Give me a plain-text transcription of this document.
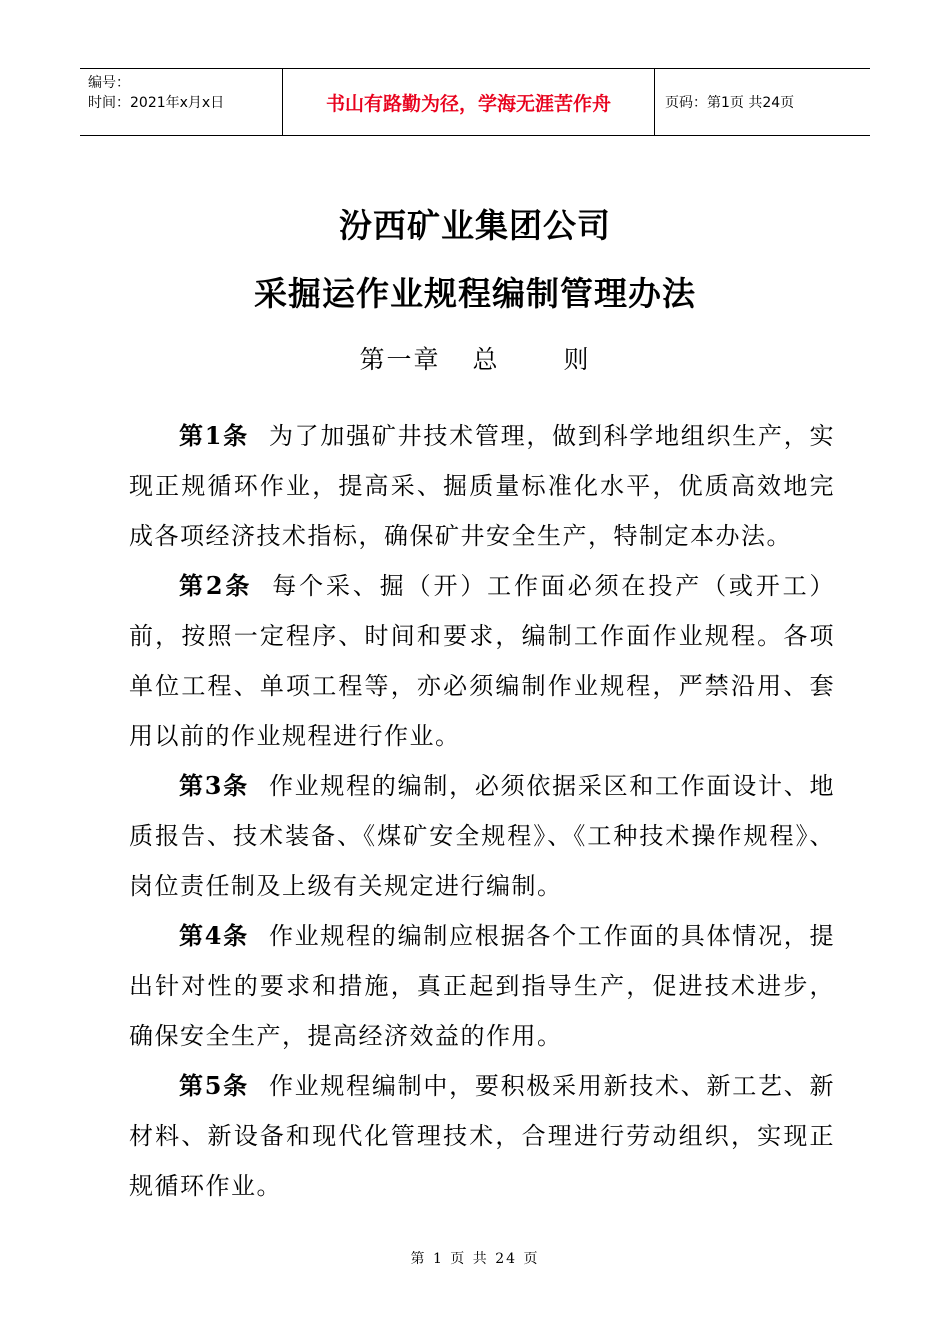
编号：
时间：2021年x月x日	书山有路勤为径，学海无涯苦作舟	页码：第1页 共24页
汾西矿业集团公司
采掘运作业规程编制管理办法
第一章 总	则

第1条 为了加强矿井技术管理，做到科学地组织生产，实现正规循环作业，提高采、掘质量标准化水平，优质高效地完成各项经济技术指标，确保矿井安全生产，特制定本办法。

第2条 每个采、掘（开）工作面必须在投产（或开工）前，按照一定程序、时间和要求，编制工作面作业规程。各项单位工程、单项工程等，亦必须编制作业规程，严禁沿用、套用以前的作业规程进行作业。

第3条 作业规程的编制，必须依据采区和工作面设计、地质报告、技术装备、《煤矿安全规程》、《工种技术操作规程》、岗位责任制及上级有关规定进行编制。

第4条 作业规程的编制应根据各个工作面的具体情况，提出针对性的要求和措施，真正起到指导生产，促进技术进步，确保安全生产，提高经济效益的作用。

第5条 作业规程编制中，要积极采用新技术、新工艺、新材料、新设备和现代化管理技术，合理进行劳动组织，实现正规循环作业。

第 1 页 共 24 页
